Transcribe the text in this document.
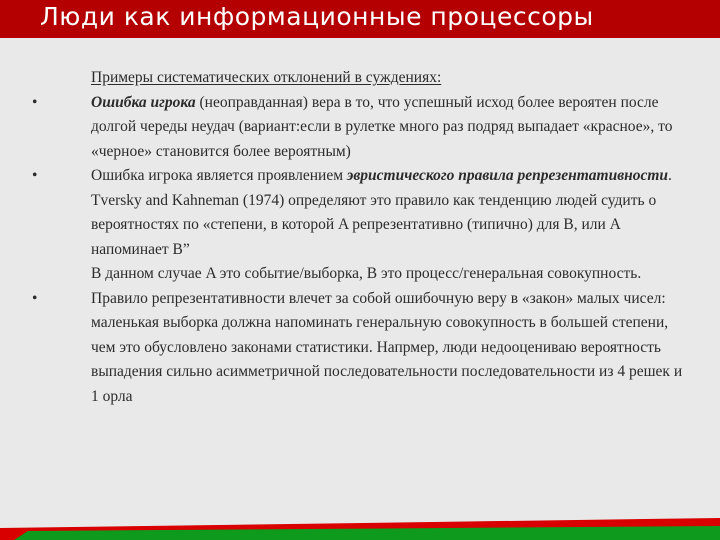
Люди как информационные процессоры
Примеры систематических отклонений в суждениях:
•	Ошибка игрока (неоправданная) вера в то, что успешный исход более вероятен после долгой череды неудач (вариант:если в рулетке много раз подряд выпадает «красное», то «черное» становится более вероятным)
•	Ошибка игрока является проявлением эвристического правила репрезентативности. Tversky and Kahneman (1974) определяют это правило как тенденцию людей судить о вероятностях по «степени, в которой A репрезентативно (типично) для B, или A напоминает B”
В данном случае A это событие/выборка, B это процесс/генеральная совокупность.
•	Правило репрезентативности влечет за собой ошибочную веру в «закон» малых чисел: маленькая выборка должна напоминать генеральную совокупность в большей степени, чем это обусловлено законами статистики. Напрмер, люди недооцениваю вероятность выпадения сильно асимметричной последовательности последовательности из 4 решек и 1 орла
